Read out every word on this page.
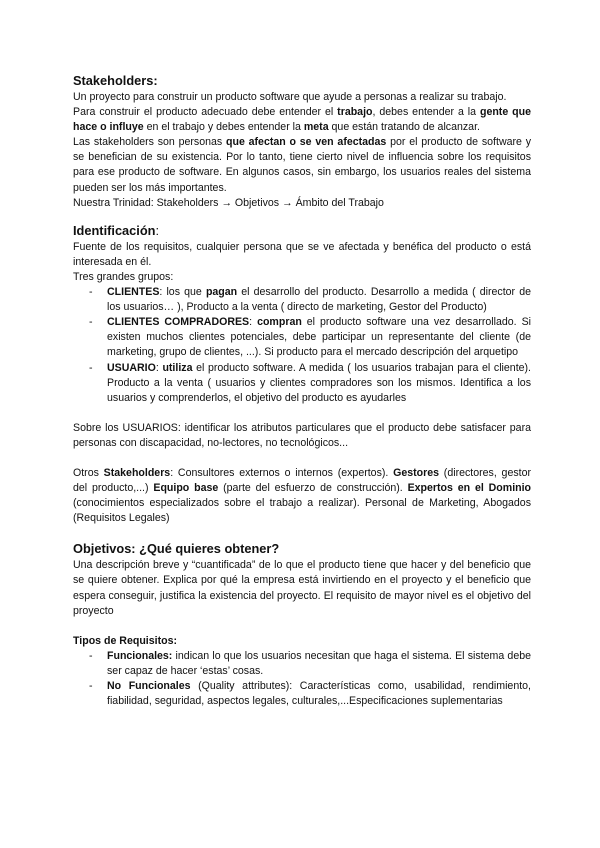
Stakeholders:

Un proyecto para construir un producto software que ayude a personas a realizar su trabajo.

Para construir el producto adecuado debe entender el trabajo, debes entender a la gente que hace o influye en el trabajo y debes entender la meta que están tratando de alcanzar.

Las stakeholders son personas que afectan o se ven afectadas por el producto de software y se benefician de su existencia. Por lo tanto, tiene cierto nivel de influencia sobre los requisitos para ese producto de software. En algunos casos, sin embargo, los usuarios reales del sistema pueden ser los más importantes.

Nuestra Trinidad: Stakeholders → Objetivos → Ámbito del Trabajo

Identificación:

Fuente de los requisitos, cualquier persona que se ve afectada y benéfica del producto o está interesada en él.

Tres grandes grupos:

- CLIENTES: los que pagan el desarrollo del producto. Desarrollo a medida ( director de los usuarios… ), Producto a la venta ( directo de marketing, Gestor del Producto)
- CLIENTES COMPRADORES: compran el producto software una vez desarrollado. Si existen muchos clientes potenciales, debe participar un representante del cliente (de marketing, grupo de clientes, ...). Si producto para el mercado descripción del arquetipo
- USUARIO: utiliza el producto software. A medida ( los usuarios trabajan para el cliente). Producto a la venta ( usuarios y clientes compradores son los mismos. Identifica a los usuarios y comprenderlos, el objetivo del producto es ayudarles

Sobre los USUARIOS: identificar los atributos particulares que el producto debe satisfacer para personas con discapacidad, no-lectores, no tecnológicos...

Otros Stakeholders: Consultores externos o internos (expertos). Gestores (directores, gestor del producto,...) Equipo base (parte del esfuerzo de construcción). Expertos en el Dominio (conocimientos especializados sobre el trabajo a realizar). Personal de Marketing, Abogados (Requisitos Legales)

Objetivos: ¿Qué quieres obtener?

Una descripción breve y “cuantificada” de lo que el producto tiene que hacer y del beneficio que se quiere obtener. Explica por qué la empresa está invirtiendo en el proyecto y el beneficio que espera conseguir, justifica la existencia del proyecto. El requisito de mayor nivel es el objetivo del proyecto

Tipos de Requisitos:
- Funcionales: indican lo que los usuarios necesitan que haga el sistema. El sistema debe ser capaz de hacer ‘estas’ cosas.
- No Funcionales (Quality attributes): Características como, usabilidad, rendimiento, fiabilidad, seguridad, aspectos legales, culturales,...Especificaciones suplementarias
